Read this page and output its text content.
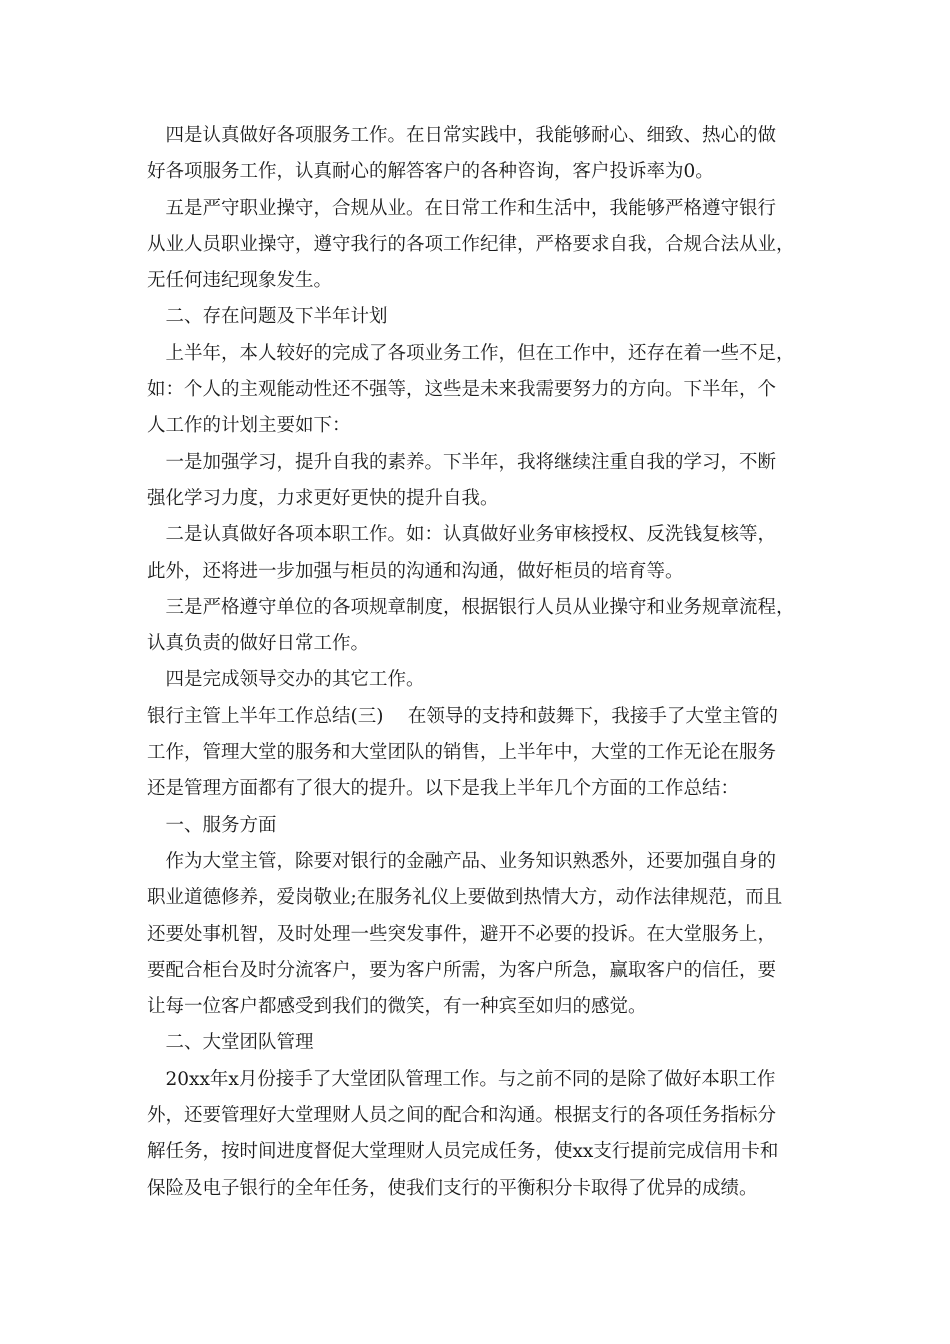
　四是认真做好各项服务工作。在日常实践中，我能够耐心、细致、热心的做
好各项服务工作，认真耐心的解答客户的各种咨询，客户投诉率为0。
　五是严守职业操守，合规从业。在日常工作和生活中，我能够严格遵守银行
从业人员职业操守，遵守我行的各项工作纪律，严格要求自我，合规合法从业，
无任何违纪现象发生。
　二、存在问题及下半年计划
　上半年，本人较好的完成了各项业务工作，但在工作中，还存在着一些不足，
如：个人的主观能动性还不强等，这些是未来我需要努力的方向。下半年，个
人工作的计划主要如下：
　一是加强学习，提升自我的素养。下半年，我将继续注重自我的学习，不断
强化学习力度，力求更好更快的提升自我。
　二是认真做好各项本职工作。如：认真做好业务审核授权、反洗钱复核等，
此外，还将进一步加强与柜员的沟通和沟通，做好柜员的培育等。
　三是严格遵守单位的各项规章制度，根据银行人员从业操守和业务规章流程，
认真负责的做好日常工作。
　四是完成领导交办的其它工作。
银行主管上半年工作总结(三)　 在领导的支持和鼓舞下，我接手了大堂主管的
工作，管理大堂的服务和大堂团队的销售，上半年中，大堂的工作无论在服务
还是管理方面都有了很大的提升。以下是我上半年几个方面的工作总结：
　一、服务方面
　作为大堂主管，除要对银行的金融产品、业务知识熟悉外，还要加强自身的
职业道德修养，爱岗敬业;在服务礼仪上要做到热情大方，动作法律规范，而且
还要处事机智，及时处理一些突发事件，避开不必要的投诉。在大堂服务上，
要配合柜台及时分流客户，要为客户所需，为客户所急，赢取客户的信任，要
让每一位客户都感受到我们的微笑，有一种宾至如归的感觉。
　二、大堂团队管理
　20xx年x月份接手了大堂团队管理工作。与之前不同的是除了做好本职工作
外，还要管理好大堂理财人员之间的配合和沟通。根据支行的各项任务指标分
解任务，按时间进度督促大堂理财人员完成任务，使xx支行提前完成信用卡和
保险及电子银行的全年任务，使我们支行的平衡积分卡取得了优异的成绩。
